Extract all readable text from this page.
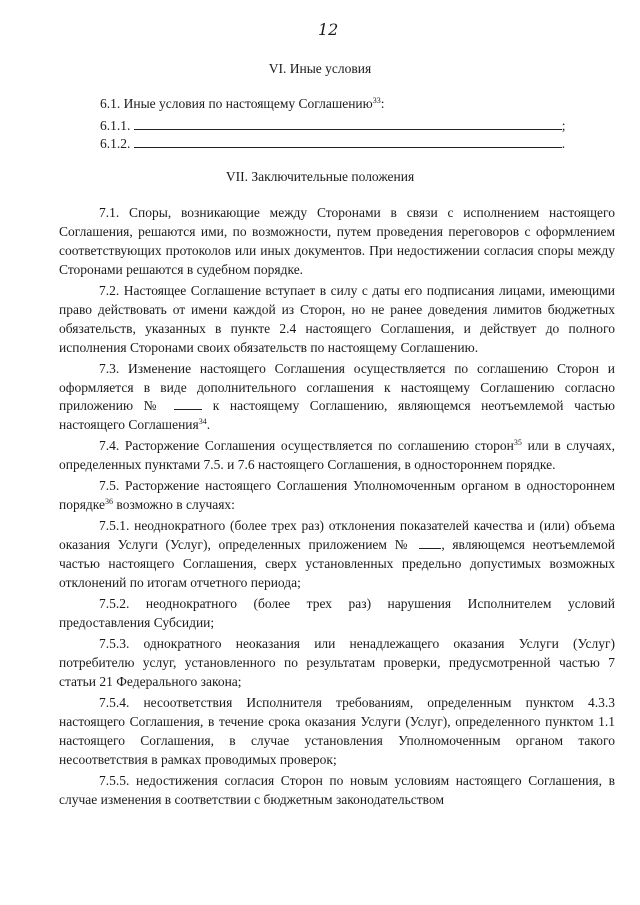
12
VI. Иные условия
6.1. Иные условия по настоящему Соглашению$^{33}$:
6.1.1.	;
6.1.2.	.
VII. Заключительные положения

7.1. Споры, возникающие между Сторонами в связи с исполнением настоящего Соглашения, решаются ими, по возможности, путем проведения переговоров с оформлением соответствующих протоколов или иных документов. При недостижении согласия споры между Сторонами решаются в судебном порядке.

7.2. Настоящее Соглашение вступает в силу с даты его подписания лицами, имеющими право действовать от имени каждой из Сторон, но не ранее доведения лимитов бюджетных обязательств, указанных в пункте 2.4 настоящего Соглашения, и действует до полного исполнения Сторонами своих обязательств по настоящему Соглашению.

7.3. Изменение настоящего Соглашения осуществляется по соглашению Сторон и оформляется в виде дополнительного соглашения к настоящему Соглашению согласно приложению №	к настоящему Соглашению, являющемся неотъемлемой частью настоящего Соглашения$^{34}$.

7.4. Расторжение Соглашения осуществляется по соглашению сторон$^{35}$ или в случаях, определенных пунктами 7.5. и 7.6 настоящего Соглашения, в одностороннем порядке.

7.5. Расторжение настоящего Соглашения Уполномоченным органом в одностороннем порядке$^{36}$ возможно в случаях:

7.5.1. неоднократного (более трех раз) отклонения показателей качества и (или) объема оказания Услуги (Услуг), определенных приложением № , являющемся неотъемлемой частью настоящего Соглашения, сверх установленных предельно допустимых возможных отклонений по итогам отчетного периода;

7.5.2. неоднократного (более трех раз) нарушения Исполнителем условий предоставления Субсидии;

7.5.3. однократного неоказания или ненадлежащего оказания Услуги (Услуг) потребителю услуг, установленного по результатам проверки, предусмотренной частью 7 статьи 21 Федерального закона;

7.5.4. несоответствия Исполнителя требованиям, определенным пунктом 4.3.3 настоящего Соглашения, в течение срока оказания Услуги (Услуг), определенного пунктом 1.1 настоящего Соглашения, в случае установления Уполномоченным органом такого несоответствия в рамках проводимых проверок;

7.5.5. недостижения согласия Сторон по новым условиям настоящего Соглашения, в случае изменения в соответствии с бюджетным законодательством
